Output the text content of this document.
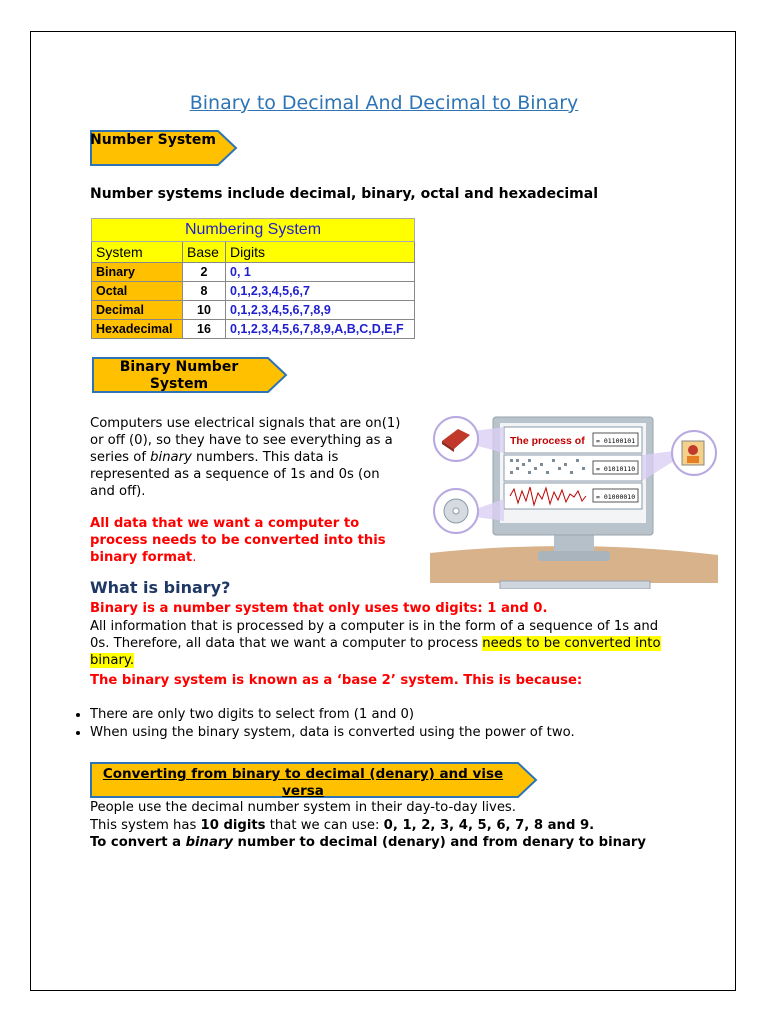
Binary to Decimal And Decimal to Binary
Number System
Number systems include decimal, binary, octal and hexadecimal
Numbering System		
System	Base	Digits
Binary	2	0, 1
Octal	8	0,1,2,3,4,5,6,7
Decimal	10	0,1,2,3,4,5,6,7,8,9
Hexadecimal	16	0,1,2,3,4,5,6,7,8,9,A,B,C,D,E,F
Binary Number System
Computers use electrical signals that are on(1) or off (0), so they have to see everything as a series of binary numbers. This data is represented as a sequence of 1s and 0s (on and off).
All data that we want a computer to process needs to be converted into this binary format.
The process of = 01100101
= 01010110
= 01000010
What is binary?
Binary is a number system that only uses two digits: 1 and 0.
All information that is processed by a computer is in the form of a sequence of 1s and 0s. Therefore, all data that we want a computer to process needs to be converted into binary.
The binary system is known as a ‘base 2’ system. This is because:
• There are only two digits to select from (1 and 0)
• When using the binary system, data is converted using the power of two.
Converting from binary to decimal (denary) and vise versa
People use the decimal number system in their day-to-day lives.
This system has 10 digits that we can use: 0, 1, 2, 3, 4, 5, 6, 7, 8 and 9.
To convert a binary number to decimal (denary) and from denary to binary
